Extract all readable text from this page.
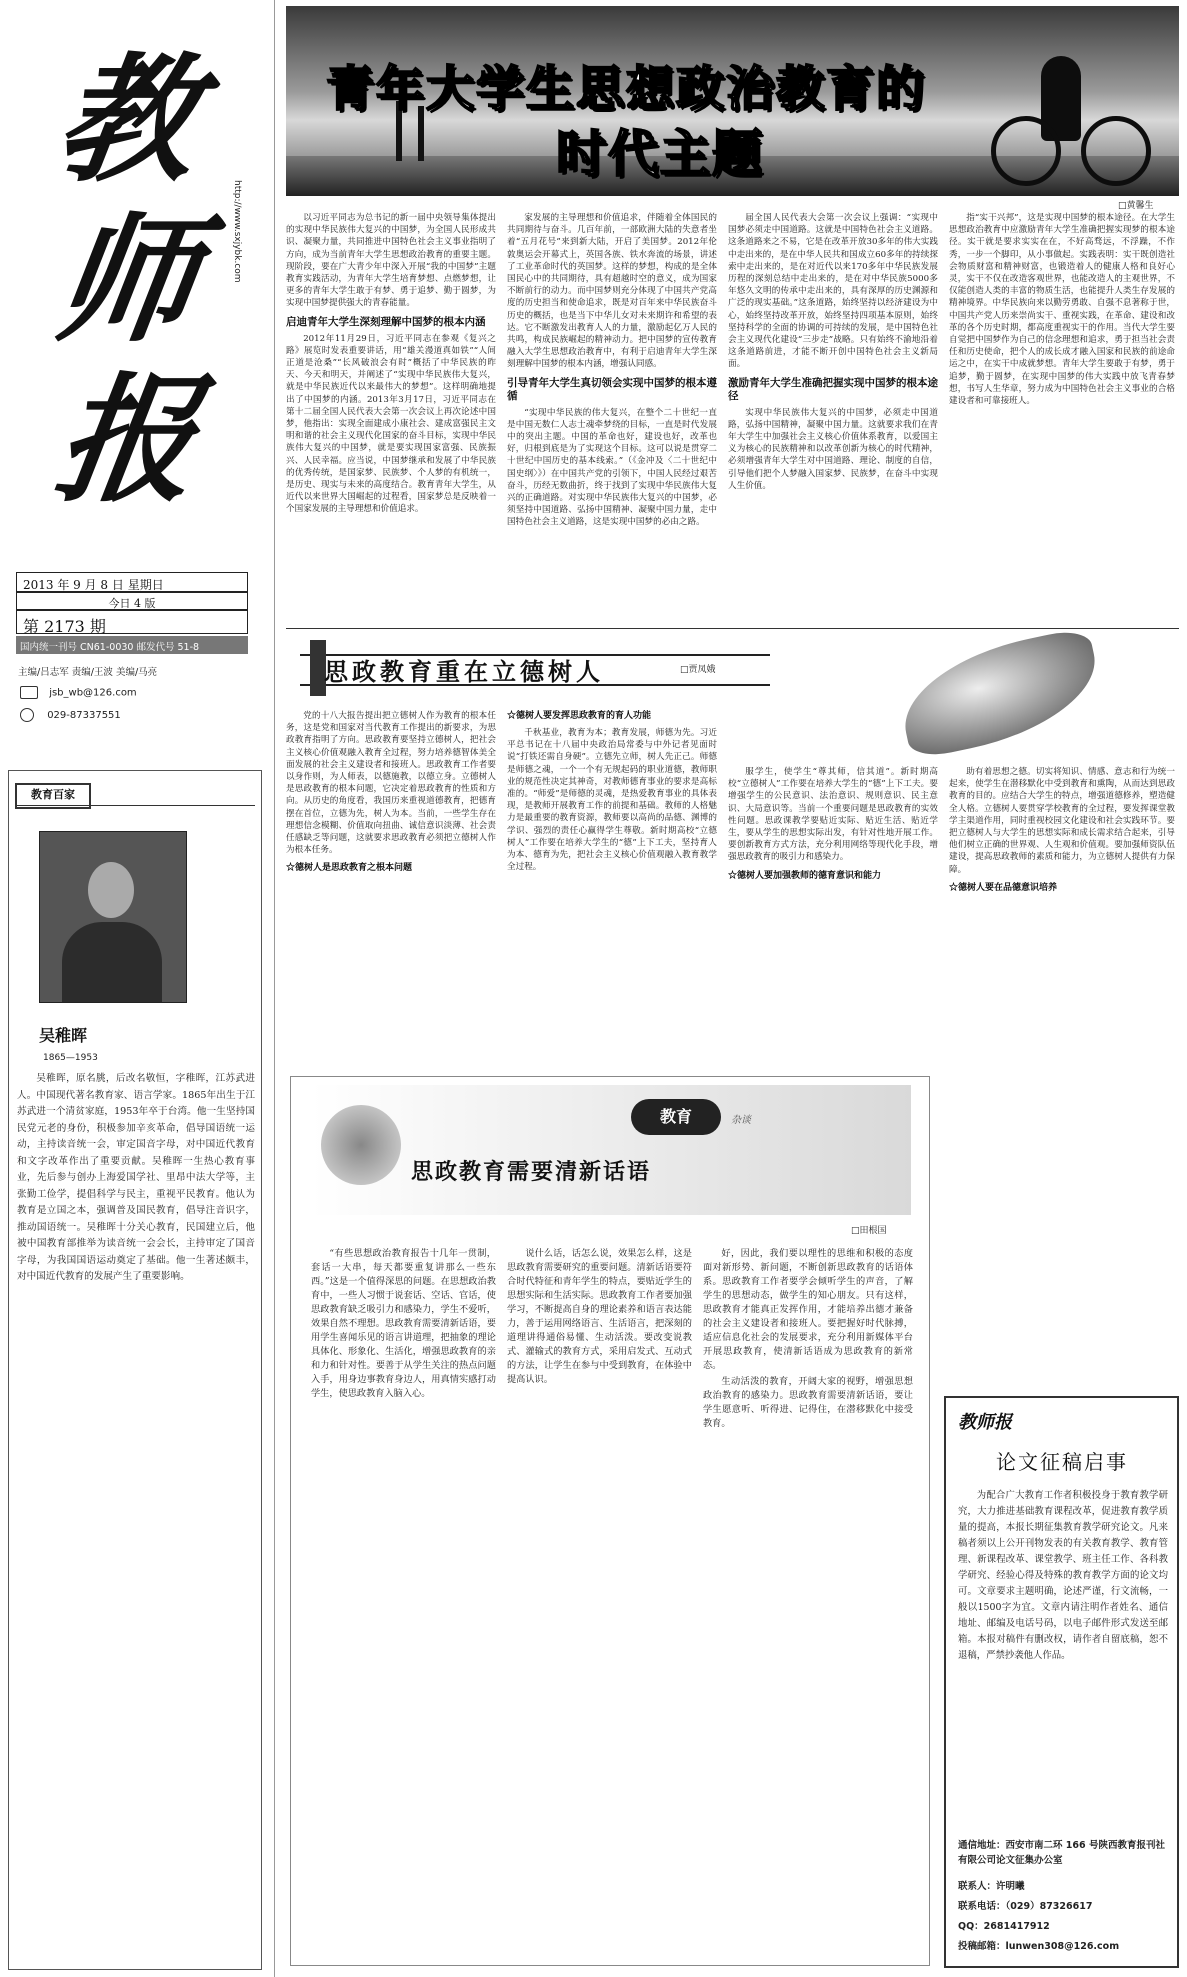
教
师
报
http://www.sxjybk.com
2013 年 9 月 8 日 星期日
今日 4 版
第 2173 期
国内统一刊号 CN61-0030 邮发代号 51-8
主编/吕志军 责编/王波 美编/马亮
jsb_wb@126.com
029-87337551
教育百家
吴稚晖
1865—1953

吴稚晖，原名朓，后改名敬恒，字稚晖，江苏武进人。中国现代著名教育家、语言学家。1865年出生于江苏武进一个清贫家庭，1953年卒于台湾。他一生坚持国民党元老的身份，积极参加辛亥革命，倡导国语统一运动，主持读音统一会，审定国音字母，对中国近代教育和文字改革作出了重要贡献。吴稚晖一生热心教育事业，先后参与创办上海爱国学社、里昂中法大学等，主张勤工俭学，提倡科学与民主，重视平民教育。他认为教育是立国之本，强调普及国民教育，倡导注音识字，推动国语统一。吴稚晖十分关心教育，民国建立后，他被中国教育部推举为读音统一会会长，主持审定了国音字母，为我国国语运动奠定了基础。他一生著述颇丰，对中国近代教育的发展产生了重要影响。

青年大学生思想政治教育的
时代主题
□黄馨生

以习近平同志为总书记的新一届中央领导集体提出的实现中华民族伟大复兴的中国梦，为全国人民形成共识、凝聚力量，共同推进中国特色社会主义事业指明了方向，成为当前青年大学生思想政治教育的重要主题。现阶段，要在广大青少年中深入开展“我的中国梦”主题教育实践活动，为青年大学生培育梦想、点燃梦想，让更多的青年大学生敢于有梦、勇于追梦、勤于圆梦，为实现中国梦提供强大的青春能量。

启迪青年大学生深刻理解中国梦的根本内涵

2012年11月29日，习近平同志在参观《复兴之路》展览时发表重要讲话，用“雄关漫道真如铁”“人间正道是沧桑”“长风破浪会有时”概括了中华民族的昨天、今天和明天，并阐述了“实现中华民族伟大复兴，就是中华民族近代以来最伟大的梦想”。这样明确地提出了中国梦的内涵。2013年3月17日，习近平同志在第十二届全国人民代表大会第一次会议上再次论述中国梦，他指出：实现全面建成小康社会、建成富强民主文明和谐的社会主义现代化国家的奋斗目标，实现中华民族伟大复兴的中国梦，就是要实现国家富强、民族振兴、人民幸福。应当说，中国梦继承和发展了中华民族的优秀传统，是国家梦、民族梦、个人梦的有机统一，是历史、现实与未来的高度结合。教育青年大学生，从近代以来世界大国崛起的过程看，国家梦总是反映着一个国家发展的主导理想和价值追求。

家发展的主导理想和价值追求，伴随着全体国民的共同期待与奋斗。几百年前，一部欧洲大陆的失意者坐着“五月花号”来到新大陆，开启了美国梦。2012年伦敦奥运会开幕式上，英国各族、铁水奔流的场景，讲述了工业革命时代的英国梦。这样的梦想，构成的是全体国民心中的共同期待，具有超越时空的意义，成为国家不断前行的动力。而中国梦则充分体现了中国共产党高度的历史担当和使命追求，既是对百年来中华民族奋斗历史的概括，也是当下中华儿女对未来期许和希望的表达。它不断激发出教育人人的力量，激励起亿万人民的共鸣，构成民族崛起的精神动力。把中国梦的宣传教育融入大学生思想政治教育中，有利于启迪青年大学生深刻理解中国梦的根本内涵，增强认同感。

引导青年大学生真切领会实现中国梦的根本遵循

“实现中华民族的伟大复兴，在整个二十世纪一直是中国无数仁人志士魂牵梦绕的目标，一直是时代发展中的突出主题。中国的革命也好，建设也好，改革也好，归根到底是为了实现这个目标。这可以说是贯穿二十世纪中国历史的基本线索。”（《金冲及〈二十世纪中国史纲〉》）在中国共产党的引领下，中国人民经过艰苦奋斗，历经无数曲折，终于找到了实现中华民族伟大复兴的正确道路。对实现中华民族伟大复兴的中国梦，必须坚持中国道路、弘扬中国精神、凝聚中国力量，走中国特色社会主义道路，这是实现中国梦的必由之路。

届全国人民代表大会第一次会议上强调：“实现中国梦必须走中国道路。这就是中国特色社会主义道路。这条道路来之不易，它是在改革开放30多年的伟大实践中走出来的，是在中华人民共和国成立60多年的持续探索中走出来的，是在对近代以来170多年中华民族发展历程的深刻总结中走出来的，是在对中华民族5000多年悠久文明的传承中走出来的，具有深厚的历史渊源和广泛的现实基础。”这条道路，始终坚持以经济建设为中心，始终坚持改革开放，始终坚持四项基本原则，始终坚持科学的全面的协调的可持续的发展，是中国特色社会主义现代化建设“三步走”战略。只有始终不渝地沿着这条道路前进，才能不断开创中国特色社会主义新局面。

激励青年大学生准确把握实现中国梦的根本途径

实现中华民族伟大复兴的中国梦，必须走中国道路，弘扬中国精神，凝聚中国力量。这就要求我们在青年大学生中加强社会主义核心价值体系教育，以爱国主义为核心的民族精神和以改革创新为核心的时代精神，必须增强青年大学生对中国道路、理论、制度的自信，引导他们把个人梦融入国家梦、民族梦，在奋斗中实现人生价值。

指“实干兴邦”，这是实现中国梦的根本途径。在大学生思想政治教育中应激励青年大学生准确把握实现梦的根本途径。实干就是要求实实在在，不好高骛远，不浮躁，不作秀，一步一个脚印，从小事做起。实践表明：实干既创造社会物质财富和精神财富，也锻造着人的健康人格和良好心灵，实干不仅在改造客观世界，也能改造人的主观世界，不仅能创造人类的丰富的物质生活，也能提升人类生存发展的精神境界。中华民族向来以勤劳勇敢、自强不息著称于世，中国共产党人历来崇尚实干、重视实践，在革命、建设和改革的各个历史时期，都高度重视实干的作用。当代大学生要自觉把中国梦作为自己的信念理想和追求，勇于担当社会责任和历史使命，把个人的成长成才融入国家和民族的前途命运之中，在实干中成就梦想。青年大学生要敢于有梦，勇于追梦，勤于圆梦，在实现中国梦的伟大实践中放飞青春梦想，书写人生华章，努力成为中国特色社会主义事业的合格建设者和可靠接班人。

思政教育重在立德树人	□贾凤娥

党的十八大报告提出把立德树人作为教育的根本任务，这是党和国家对当代教育工作提出的新要求，为思政教育指明了方向。思政教育要坚持立德树人，把社会主义核心价值观融入教育全过程，努力培养德智体美全面发展的社会主义建设者和接班人。思政教育工作者要以身作则，为人师表，以德施教，以德立身。立德树人是思政教育的根本问题，它决定着思政教育的性质和方向。从历史的角度看，我国历来重视道德教育，把德育摆在首位，立德为先，树人为本。当前，一些学生存在理想信念模糊、价值取向扭曲、诚信意识淡薄、社会责任感缺乏等问题，这就要求思政教育必须把立德树人作为根本任务。

☆德树人是思政教育之根本问题
☆德树人要发挥思政教育的育人功能

千秋基业，教育为本；教育发展，师德为先。习近平总书记在十八届中央政治局常委与中外记者见面时说“打铁还需自身硬”。立德先立师，树人先正己。师德是师德之魂，一个一个有无规起码的职业道德，教师职业的规范性决定其神奇，对教师德育事业的要求是高标准的。“师爱”是师德的灵魂，是热爱教育事业的具体表现，是教师开展教育工作的前提和基础。教师的人格魅力是最重要的教育资源，教师要以高尚的品德、渊博的学识、强烈的责任心赢得学生尊敬。新时期高校“立德树人”工作要在培养大学生的“德”上下工夫，坚持育人为本、德育为先，把社会主义核心价值观融入教育教学全过程。

服学生，使学生“尊其师，信其道”。新时期高校“立德树人”工作要在培养大学生的“德”上下工夫。要增强学生的公民意识、法治意识、规则意识、民主意识、大局意识等。当前一个重要问题是思政教育的实效性问题。思政课教学要贴近实际、贴近生活、贴近学生，要从学生的思想实际出发，有针对性地开展工作。要创新教育方式方法，充分利用网络等现代化手段，增强思政教育的吸引力和感染力。

☆德树人要加强教师的德育意识和能力

助有着思想之德。切实将知识、情感、意志和行为统一起来，使学生在潜移默化中受到教育和熏陶，从而达到思政教育的目的。应结合大学生的特点，增强道德修养，塑造健全人格。立德树人要贯穿学校教育的全过程，要发挥课堂教学主渠道作用，同时重视校园文化建设和社会实践环节。要把立德树人与大学生的思想实际和成长需求结合起来，引导他们树立正确的世界观、人生观和价值观。要加强师资队伍建设，提高思政教师的素质和能力，为立德树人提供有力保障。

☆德树人要在品德意识培养
教育	杂谈
思政教育需要清新话语
□田根国

“有些思想政治教育报告十几年一贯制，套话一大串，每天都要重复讲那么一些东西。”这是一个值得深思的问题。在思想政治教育中，一些人习惯于说套话、空话、官话，使思政教育缺乏吸引力和感染力，学生不爱听，效果自然不理想。思政教育需要清新话语，要用学生喜闻乐见的语言讲道理，把抽象的理论具体化、形象化、生活化，增强思政教育的亲和力和针对性。要善于从学生关注的热点问题入手，用身边事教育身边人，用真情实感打动学生，使思政教育入脑入心。

说什么话，话怎么说，效果怎么样，这是思政教育需要研究的重要问题。清新话语要符合时代特征和青年学生的特点，要贴近学生的思想实际和生活实际。思政教育工作者要加强学习，不断提高自身的理论素养和语言表达能力，善于运用网络语言、生活语言，把深刻的道理讲得通俗易懂、生动活泼。要改变说教式、灌输式的教育方式，采用启发式、互动式的方法，让学生在参与中受到教育，在体验中提高认识。

好，因此，我们要以理性的思维和积极的态度面对新形势、新问题，不断创新思政教育的话语体系。思政教育工作者要学会倾听学生的声音，了解学生的思想动态，做学生的知心朋友。只有这样，思政教育才能真正发挥作用，才能培养出德才兼备的社会主义建设者和接班人。要把握好时代脉搏，适应信息化社会的发展要求，充分利用新媒体平台开展思政教育，使清新话语成为思政教育的新常态。

生动活泼的教育，开阔大家的视野，增强思想政治教育的感染力。思政教育需要清新话语，要让学生愿意听、听得进、记得住，在潜移默化中接受教育。	教师报
论文征稿启事

为配合广大教育工作者积极投身于教育教学研究，大力推进基础教育课程改革，促进教育教学质量的提高，本报长期征集教育教学研究论文。凡来稿者须以上公开刊物发表的有关教育教学、教育管理、新课程改革、课堂教学、班主任工作、各科教学研究、经验心得及特殊的教育教学方面的论文均可。文章要求主题明确，论述严谨，行文流畅，一般以1500字为宜。文章内请注明作者姓名、通信地址、邮编及电话号码，以电子邮件形式发送至邮箱。本报对稿件有删改权，请作者自留底稿，恕不退稿，严禁抄袭他人作品。

通信地址：西安市南二环 166 号陕西教育报刊社有限公司论文征集办公室
联系人：许明曦
联系电话：（029）87326617
QQ：2681417912
投稿邮箱：lunwen308@126.com
